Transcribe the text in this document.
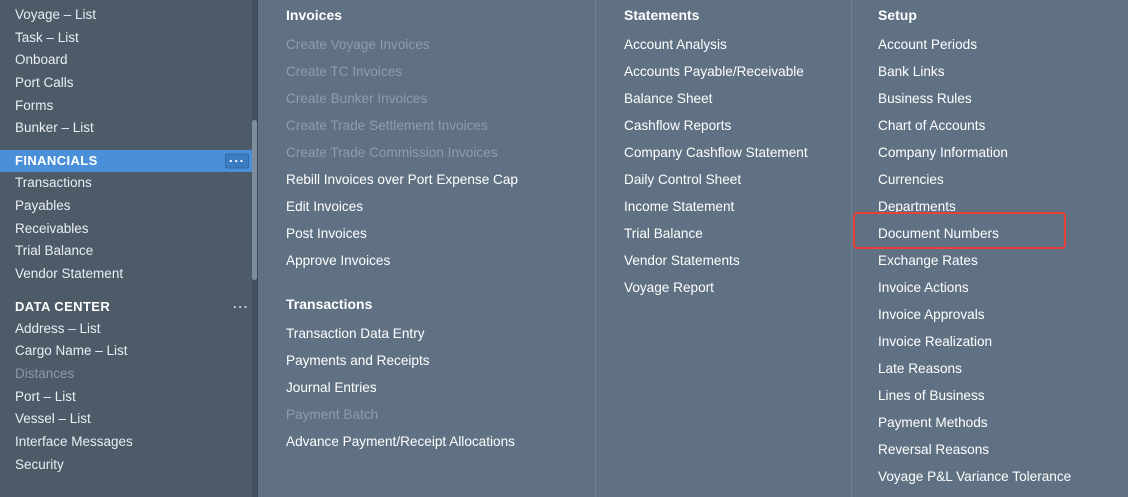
Voyage – List
Task – List
Onboard
Port Calls
Forms
Bunker – List
FINANCIALS	···
Transactions
Payables
Receivables
Trial Balance
Vendor Statement
DATA CENTER	···
Address – List
Cargo Name – List
Distances
Port – List
Vessel – List
Interface Messages
Security
Invoices
Create Voyage Invoices
Create TC Invoices
Create Bunker Invoices
Create Trade Settlement Invoices
Create Trade Commission Invoices
Rebill Invoices over Port Expense Cap
Edit Invoices
Post Invoices
Approve Invoices
Transactions
Transaction Data Entry
Payments and Receipts
Journal Entries
Payment Batch
Advance Payment/Receipt Allocations
Statements
Account Analysis
Accounts Payable/Receivable
Balance Sheet
Cashflow Reports
Company Cashflow Statement
Daily Control Sheet
Income Statement
Trial Balance
Vendor Statements
Voyage Report
Setup
Account Periods
Bank Links
Business Rules
Chart of Accounts
Company Information
Currencies
Departments
Document Numbers
Exchange Rates
Invoice Actions
Invoice Approvals
Invoice Realization
Late Reasons
Lines of Business
Payment Methods
Reversal Reasons
Voyage P&L Variance Tolerance
